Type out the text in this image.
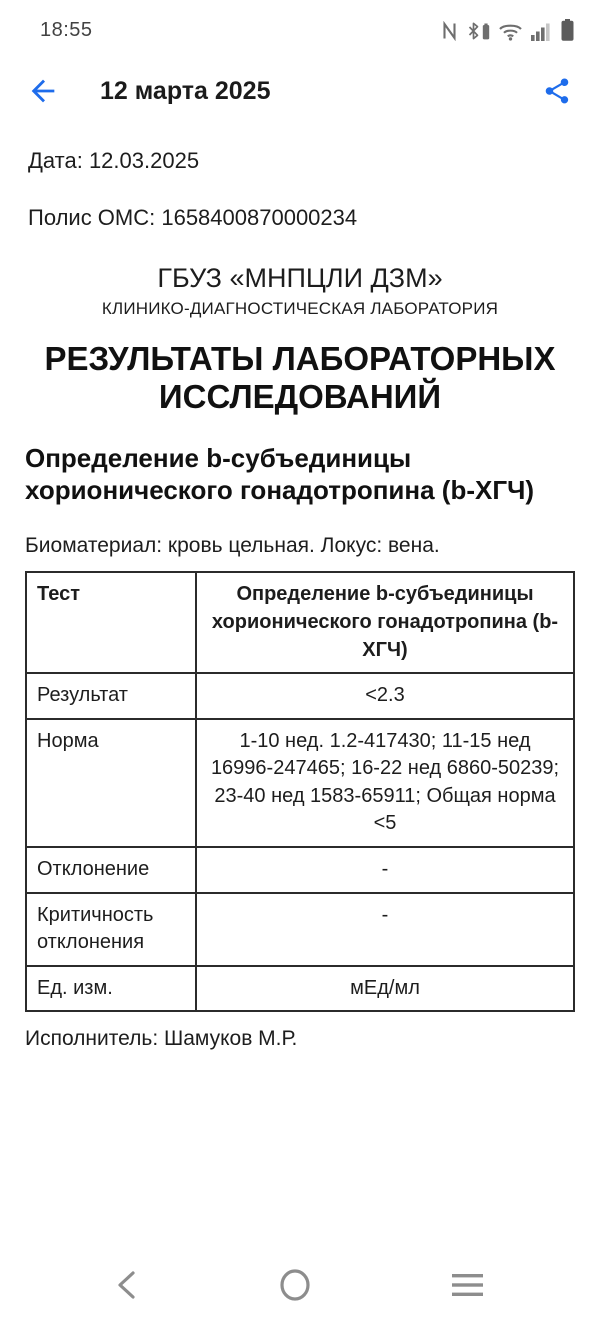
18:55
12 марта 2025

Дата: 12.03.2025

Полис ОМС: 1658400870000234

ГБУЗ «МНПЦЛИ ДЗМ»
КЛИНИКО-ДИАГНОСТИЧЕСКАЯ ЛАБОРАТОРИЯ
РЕЗУЛЬТАТЫ ЛАБОРАТОРНЫХ ИССЛЕДОВАНИЙ
Определение b-субъединицы хорионического гонадотропина (b-ХГЧ)

Биоматериал: кровь цельная. Локус: вена.

Тест	Определение b-субъединицы хорионического гонадотропина (b-ХГЧ)
Результат	<2.3
Норма	1-10 нед. 1.2-417430; 11-15 нед 16996-247465; 16-22 нед 6860-50239; 23-40 нед 1583-65911; Общая норма <5
Отклонение	-
Критичность отклонения	-
Ед. изм.	мЕд/мл

Исполнитель: Шамуков М.Р.
